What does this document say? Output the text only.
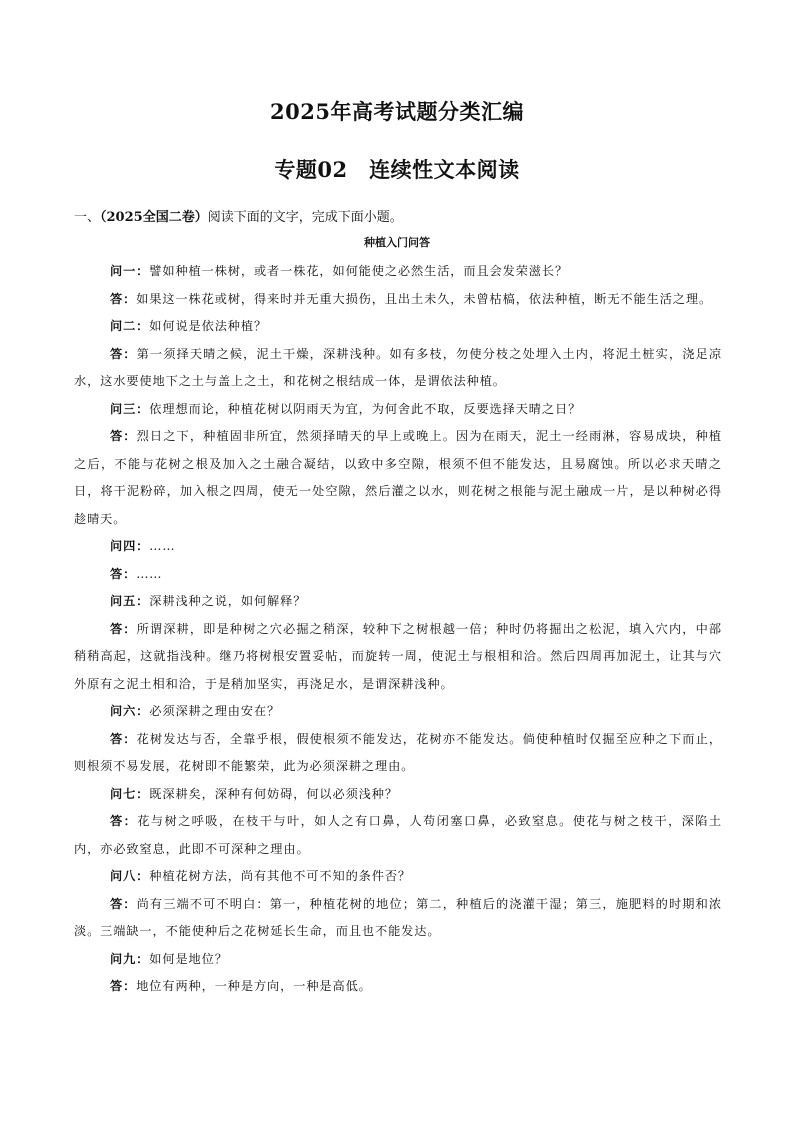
2025年高考试题分类汇编
专题02　连续性文本阅读
一、（2025全国二卷）阅读下面的文字，完成下面小题。
种植入门问答

问一：譬如种植一株树，或者一株花，如何能使之必然生活，而且会发荣滋长？

答：如果这一株花或树，得来时并无重大损伤，且出土未久，未曾枯槁，依法种植，断无不能生活之理。

问二：如何说是依法种植？

答：第一须择天晴之候，泥土干燥，深耕浅种。如有多枝，勿使分枝之处埋入土内，将泥土桩实，浇足凉水，这水要使地下之土与盖上之土，和花树之根结成一体，是谓依法种植。

问三：依理想而论，种植花树以阴雨天为宜，为何舍此不取，反要选择天晴之日？

答：烈日之下，种植固非所宜，然须择晴天的早上或晚上。因为在雨天，泥土一经雨淋，容易成块，种植之后，不能与花树之根及加入之土融合凝结，以致中多空隙，根须不但不能发达，且易腐蚀。所以必求天晴之日，将干泥粉碎，加入根之四周，使无一处空隙，然后灌之以水，则花树之根能与泥土融成一片，是以种树必得趁晴天。

问四：……

答：……

问五：深耕浅种之说，如何解释？

答：所谓深耕，即是种树之穴必掘之稍深，较种下之树根越一倍；种时仍将掘出之松泥，填入穴内，中部稍稍高起，这就指浅种。继乃将树根安置妥帖，而旋转一周，使泥土与根相和洽。然后四周再加泥土，让其与穴外原有之泥土相和洽，于是稍加坚实，再浇足水，是谓深耕浅种。

问六：必须深耕之理由安在？

答：花树发达与否，全靠乎根，假使根须不能发达，花树亦不能发达。倘使种植时仅掘至应种之下而止，则根须不易发展，花树即不能繁荣，此为必须深耕之理由。

问七：既深耕矣，深种有何妨碍，何以必须浅种？

答：花与树之呼吸，在枝干与叶，如人之有口鼻，人苟闭塞口鼻，必致窒息。使花与树之枝干，深陷土内，亦必致窒息，此即不可深种之理由。

问八：种植花树方法，尚有其他不可不知的条件否？

答：尚有三端不可不明白：第一，种植花树的地位；第二，种植后的浇灌干湿；第三，施肥料的时期和浓淡。三端缺一，不能使种后之花树延长生命，而且也不能发达。

问九：如何是地位？

答：地位有两种，一种是方向，一种是高低。
